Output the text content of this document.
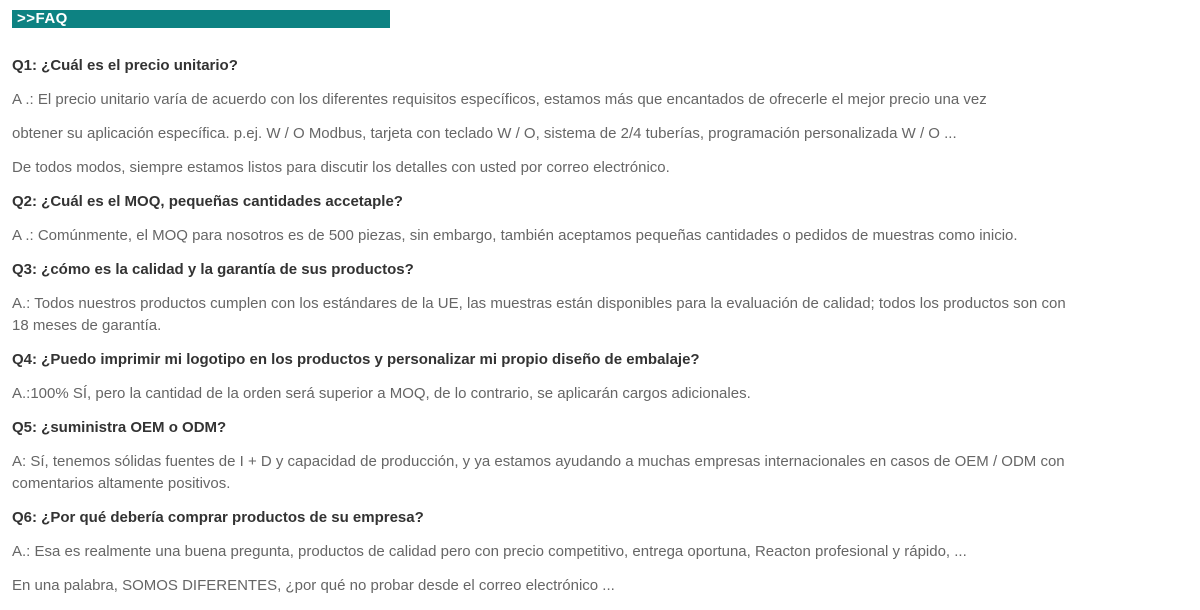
>>FAQ
Q1: ¿Cuál es el precio unitario?
A .: El precio unitario varía de acuerdo con los diferentes requisitos específicos, estamos más que encantados de ofrecerle el mejor precio una vez
obtener su aplicación específica. p.ej. W / O Modbus, tarjeta con teclado W / O, sistema de 2/4 tuberías, programación personalizada W / O ...
De todos modos, siempre estamos listos para discutir los detalles con usted por correo electrónico.
Q2: ¿Cuál es el MOQ, pequeñas cantidades accetaple?
A .: Comúnmente, el MOQ para nosotros es de 500 piezas, sin embargo, también aceptamos pequeñas cantidades o pedidos de muestras como inicio.
Q3: ¿cómo es la calidad y la garantía de sus productos?
A.: Todos nuestros productos cumplen con los estándares de la UE, las muestras están disponibles para la evaluación de calidad; todos los productos son con
18 meses de garantía.
Q4: ¿Puedo imprimir mi logotipo en los productos y personalizar mi propio diseño de embalaje?
A.:100% SÍ, pero la cantidad de la orden será superior a MOQ, de lo contrario, se aplicarán cargos adicionales.
Q5: ¿suministra OEM o ODM?
A: Sí, tenemos sólidas fuentes de I + D y capacidad de producción, y ya estamos ayudando a muchas empresas internacionales en casos de OEM / ODM con
comentarios altamente positivos.
Q6: ¿Por qué debería comprar productos de su empresa?
A.: Esa es realmente una buena pregunta, productos de calidad pero con precio competitivo, entrega oportuna, Reacton profesional y rápido, ...
En una palabra, SOMOS DIFERENTES, ¿por qué no probar desde el correo electrónico ...
